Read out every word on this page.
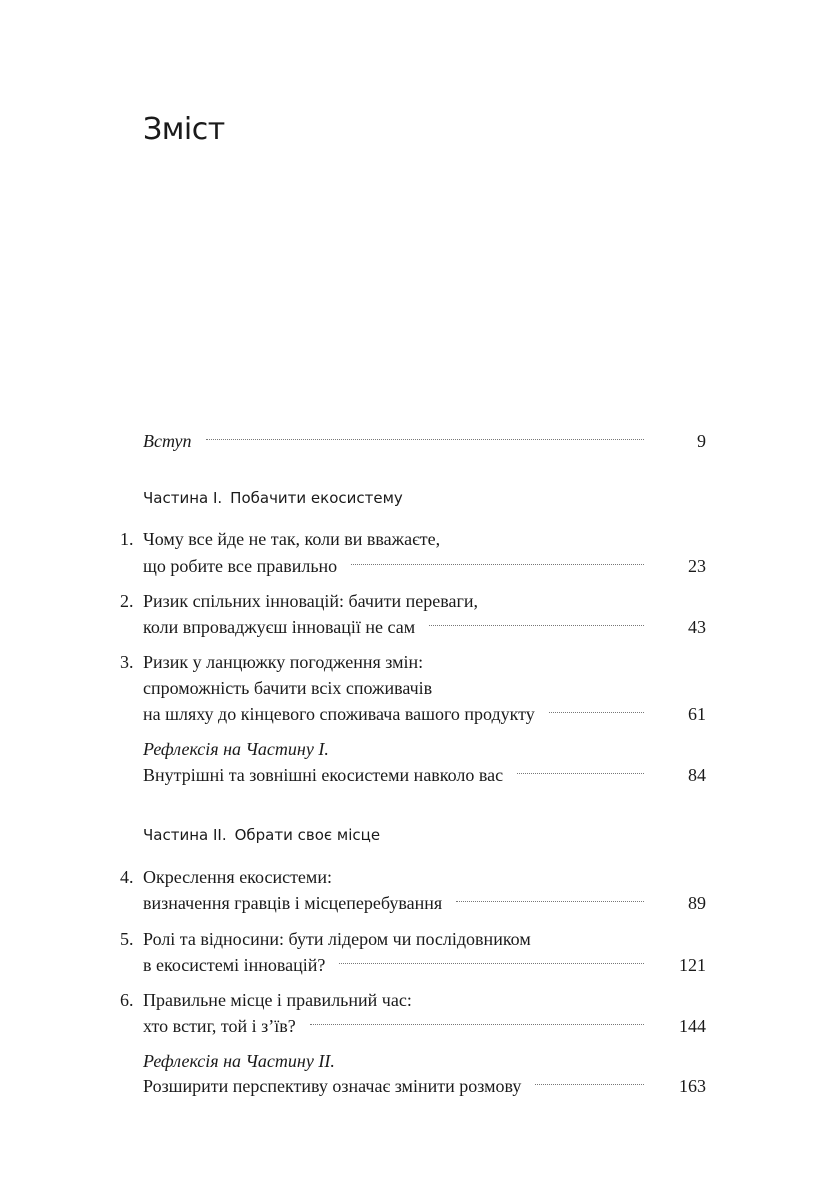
Зміст
Вступ	9
Частина I. Побачити екосистему
1. Чому все йде не так, коли ви вважаєте,
що робите все правильно	23
2. Ризик спільних інновацій: бачити переваги,
коли впроваджуєш інновації не сам	43
3. Ризик у ланцюжку погодження змін:
спроможність бачити всіх споживачів
на шляху до кінцевого споживача вашого продукту	61
Рефлексія на Частину I.
Внутрішні та зовнішні екосистеми навколо вас	84
Частина II. Обрати своє місце
4. Окреслення екосистеми:
визначення гравців і місцеперебування	89
5. Ролі та відносини: бути лідером чи послідовником
в екосистемі інновацій?	121
6. Правильне місце і правильний час:
хто встиг, той і з’їв?	144
Рефлексія на Частину II.
Розширити перспективу означає змінити розмову	163
